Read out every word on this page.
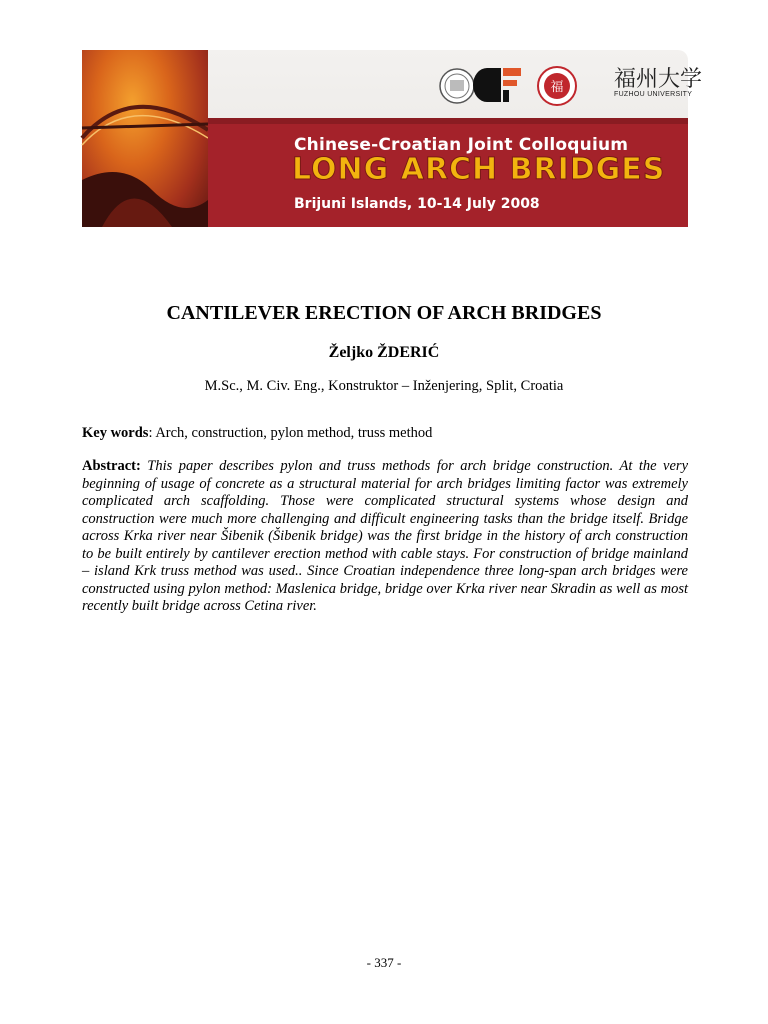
福 福州大学
FUZHOU UNIVERSITY
Chinese-Croatian Joint Colloquium
LONG ARCH BRIDGES
Brijuni Islands, 10-14 July 2008
CANTILEVER ERECTION OF ARCH BRIDGES
Željko ŽDERIĆ
M.Sc., M. Civ. Eng., Konstruktor – Inženjering, Split, Croatia
Key words: Arch, construction, pylon method, truss method
Abstract: This paper describes pylon and truss methods for arch bridge construction. At the very beginning of usage of concrete as a structural material for arch bridges limiting factor was extremely complicated arch scaffolding. Those were complicated structural systems whose design and construction were much more challenging and difficult engineering tasks than the bridge itself. Bridge across Krka river near Šibenik (Šibenik bridge) was the first bridge in the history of arch construction to be built entirely by cantilever erection method with cable stays. For construction of bridge mainland – island Krk truss method was used.. Since Croatian independence three long-span arch bridges were constructed using pylon method: Maslenica bridge, bridge over Krka river near Skradin as well as most recently built bridge across Cetina river.
- 337 -
